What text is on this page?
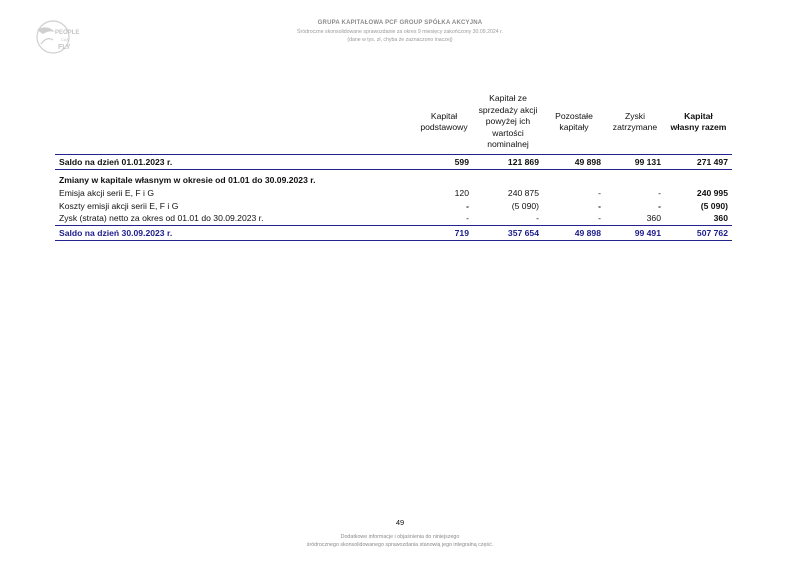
PEOPLE
CAN
FLY
GRUPA KAPITAŁOWA PCF GROUP SPÓŁKA AKCYJNA
Śródroczne skonsolidowane sprawozdanie za okres 9 miesięcy zakończony 30.09.2024 r.
(dane w tys. zł, chyba że zaznaczono inaczej)
	Kapitał podstawowy	Kapitał ze sprzedaży akcji powyżej ich wartości nominalnej	Pozostałe kapitały	Zyski zatrzymane	Kapitał własny razem
Saldo na dzień 01.01.2023 r.	599	121 869	49 898	99 131	271 497

Zmiany w kapitale własnym w okresie od 01.01 do 30.09.2023 r.					
Emisja akcji serii E, F i G	120	240 875	-	-	240 995
Koszty emisji akcji serii E, F i G	-	(5 090)	-	-	(5 090)
Zysk (strata) netto za okres od 01.01 do 30.09.2023 r.	-	-	-	360	360
Saldo na dzień 30.09.2023 r.	719	357 654	49 898	99 491	507 762
49
Dodatkowe informacje i objaśnienia do niniejszego
śródrocznego skonsolidowanego sprawozdania stanowią jego integralną część.
